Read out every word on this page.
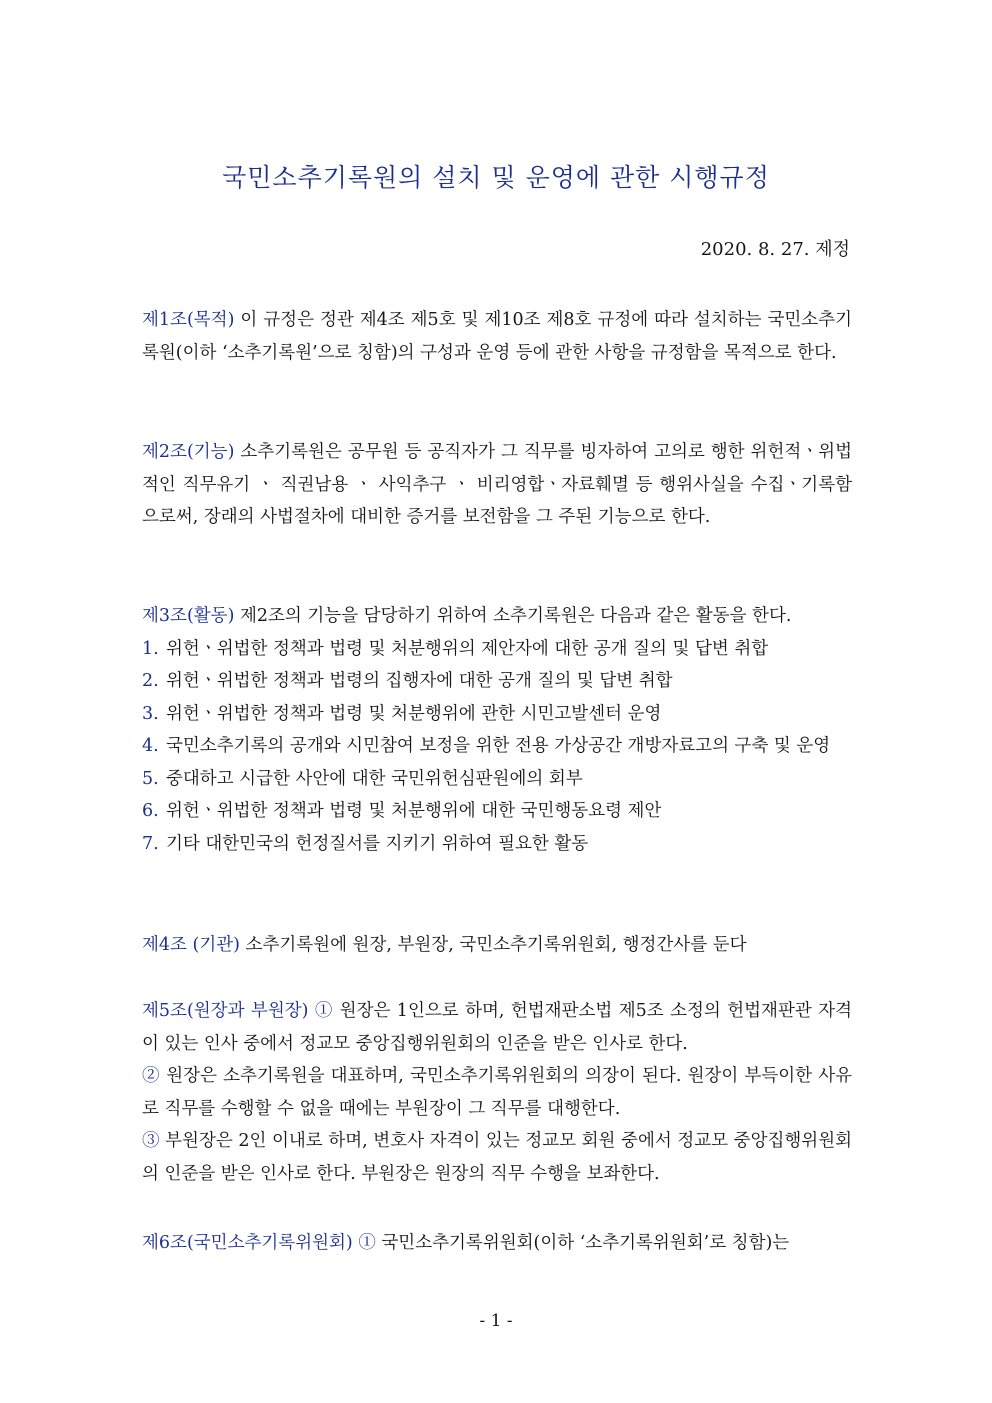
국민소추기록원의 설치 및 운영에 관한 시행규정
2020. 8. 27. 제정

제1조(목적) 이 규정은 정관 제4조 제5호 및 제10조 제8호 규정에 따라 설치하는 국민소추기록원(이하 ‘소추기록원’으로 칭함)의 구성과 운영 등에 관한 사항을 규정함을 목적으로 한다.

제2조(기능) 소추기록원은 공무원 등 공직자가 그 직무를 빙자하여 고의로 행한 위헌적ㆍ위법적인 직무유기 ㆍ 직권남용 ㆍ 사익추구 ㆍ 비리영합ㆍ자료훼멸 등 행위사실을 수집ㆍ기록함으로써, 장래의 사법절차에 대비한 증거를 보전함을 그 주된 기능으로 한다.

제3조(활동) 제2조의 기능을 담당하기 위하여 소추기록원은 다음과 같은 활동을 한다.
1. 위헌ㆍ위법한 정책과 법령 및 처분행위의 제안자에 대한 공개 질의 및 답변 취합
2. 위헌ㆍ위법한 정책과 법령의 집행자에 대한 공개 질의 및 답변 취합
3. 위헌ㆍ위법한 정책과 법령 및 처분행위에 관한 시민고발센터 운영
4. 국민소추기록의 공개와 시민참여 보정을 위한 전용 가상공간 개방자료고의 구축 및 운영
5. 중대하고 시급한 사안에 대한 국민위헌심판원에의 회부
6. 위헌ㆍ위법한 정책과 법령 및 처분행위에 대한 국민행동요령 제안
7. 기타 대한민국의 헌정질서를 지키기 위하여 필요한 활동

제4조 (기관) 소추기록원에 원장, 부원장, 국민소추기록위원회, 행정간사를 둔다

제5조(원장과 부원장) ① 원장은 1인으로 하며, 헌법재판소법 제5조 소정의 헌법재판관 자격이 있는 인사 중에서 정교모 중앙집행위원회의 인준을 받은 인사로 한다.

② 원장은 소추기록원을 대표하며, 국민소추기록위원회의 의장이 된다. 원장이 부득이한 사유로 직무를 수행할 수 없을 때에는 부원장이 그 직무를 대행한다.

③ 부원장은 2인 이내로 하며, 변호사 자격이 있는 정교모 회원 중에서 정교모 중앙집행위원회의 인준을 받은 인사로 한다. 부원장은 원장의 직무 수행을 보좌한다.

제6조(국민소추기록위원회) ① 국민소추기록위원회(이하 ‘소추기록위원회’로 칭함)는

- 1 -
